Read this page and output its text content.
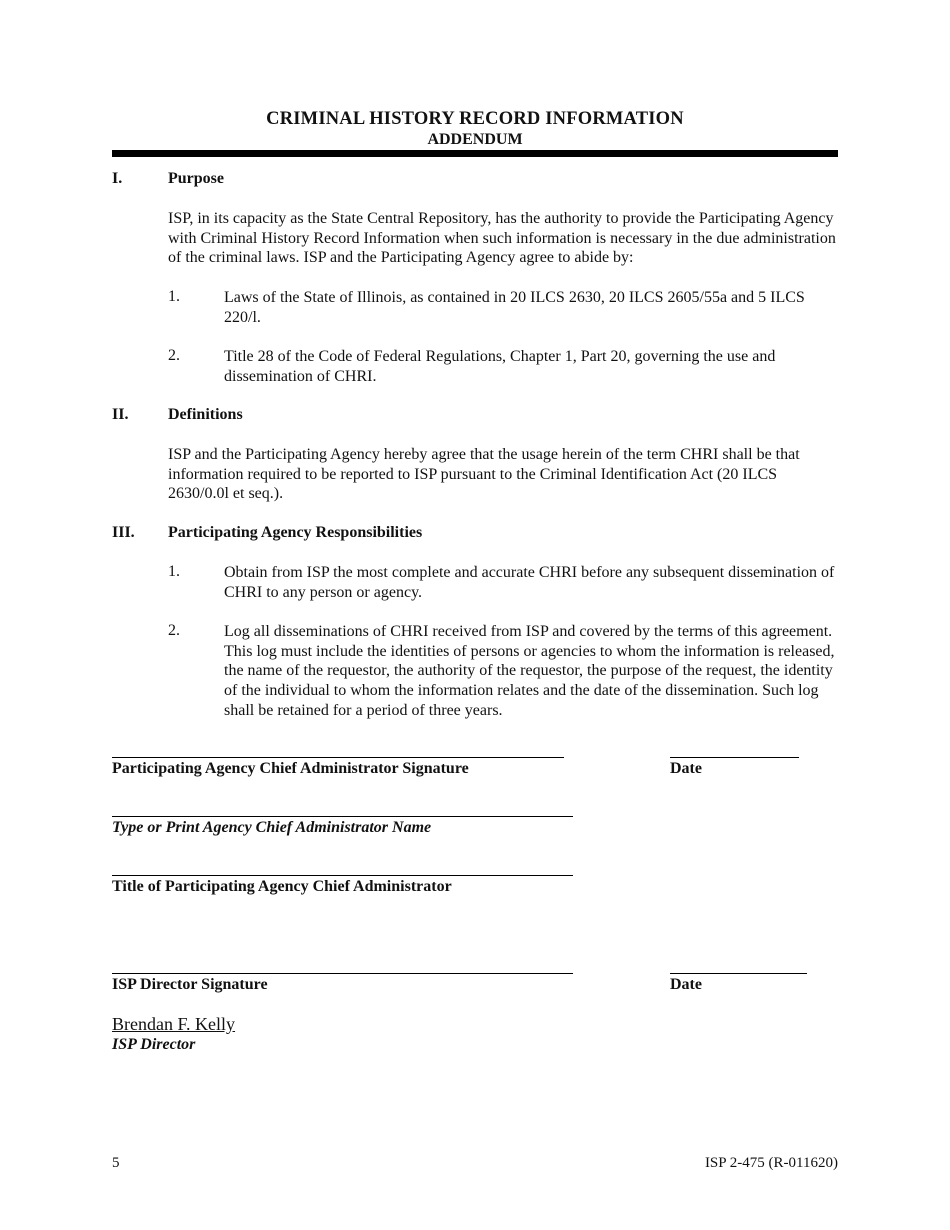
CRIMINAL HISTORY RECORD INFORMATION
ADDENDUM
I.	Purpose
ISP, in its capacity as the State Central Repository, has the authority to provide the Participating Agency with Criminal History Record Information when such information is necessary in the due administration of the criminal laws. ISP and the Participating Agency agree to abide by:
1.	Laws of the State of Illinois, as contained in 20 ILCS 2630, 20 ILCS 2605/55a and 5 ILCS 220/l.
2.	Title 28 of the Code of Federal Regulations, Chapter 1, Part 20, governing the use and dissemination of CHRI.
II. Definitions
ISP and the Participating Agency hereby agree that the usage herein of the term CHRI shall be that information required to be reported to ISP pursuant to the Criminal Identification Act (20 ILCS 2630/0.0l et seq.).
III. Participating Agency Responsibilities
1.	Obtain from ISP the most complete and accurate CHRI before any subsequent dissemination of CHRI to any person or agency.
2.	Log all disseminations of CHRI received from ISP and covered by the terms of this agreement. This log must include the identities of persons or agencies to whom the information is released, the name of the requestor, the authority of the requestor, the purpose of the request, the identity of the individual to whom the information relates and the date of the dissemination. Such log shall be retained for a period of three years.
Participating Agency Chief Administrator Signature	Date
Type or Print Agency Chief Administrator Name
Title of Participating Agency Chief Administrator
ISP Director Signature	Date
Brendan F. Kelly
ISP Director
5	ISP 2-475 (R-011620)
